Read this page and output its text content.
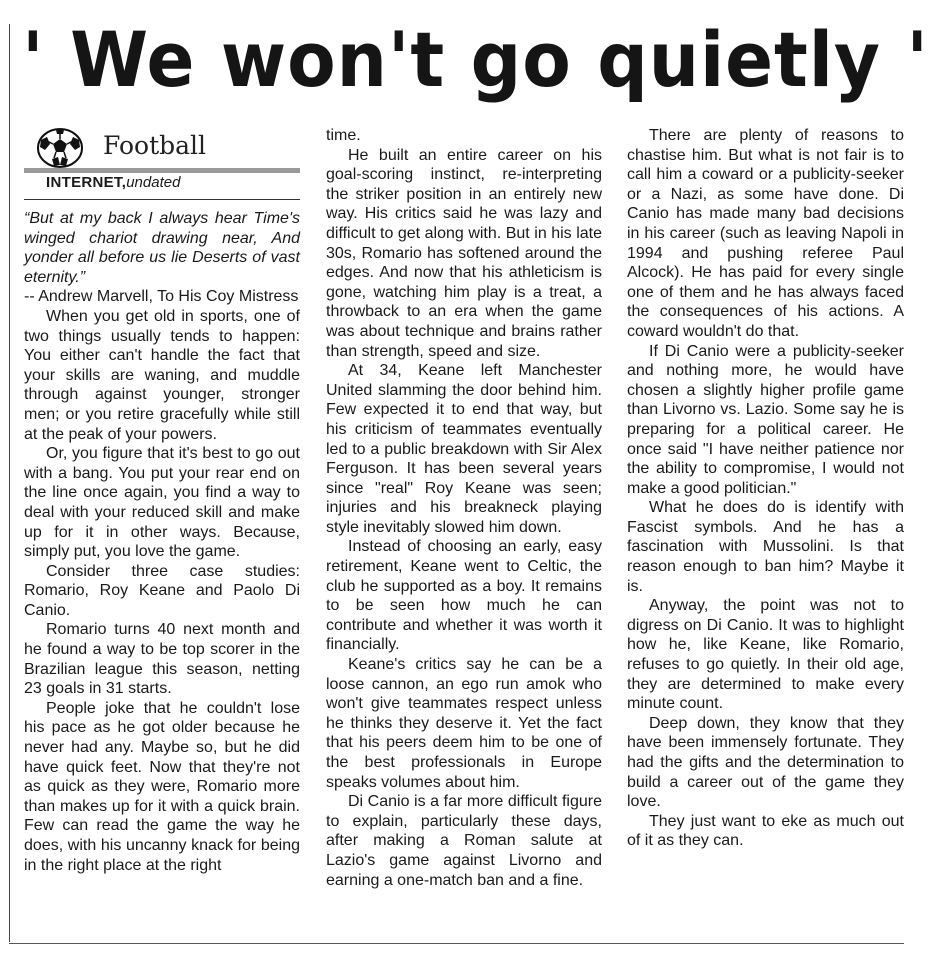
' We won't go quietly '
Football

INTERNET,undated

“But at my back I always hear Time's winged chariot drawing near, And yonder all before us lie Deserts of vast eternity.”

-- Andrew Marvell, To His Coy Mistress

When you get old in sports, one of two things usually tends to happen: You either can't handle the fact that your skills are waning, and muddle through against younger, stronger men; or you retire gracefully while still at the peak of your powers.

Or, you figure that it's best to go out with a bang. You put your rear end on the line once again, you find a way to deal with your reduced skill and make up for it in other ways. Because, simply put, you love the game.

Consider three case studies: Romario, Roy Keane and Paolo Di Canio.

Romario turns 40 next month and he found a way to be top scorer in the Brazilian league this season, netting 23 goals in 31 starts.

People joke that he couldn't lose his pace as he got older because he never had any. Maybe so, but he did have quick feet. Now that they're not as quick as they were, Romario more than makes up for it with a quick brain. Few can read the game the way he does, with his uncanny knack for being in the right place at the right

time.

He built an entire career on his goal-scoring instinct, re-interpreting the striker position in an entirely new way. His critics said he was lazy and difficult to get along with. But in his late 30s, Romario has softened around the edges. And now that his athleticism is gone, watching him play is a treat, a throwback to an era when the game was about technique and brains rather than strength, speed and size.

At 34, Keane left Manchester United slamming the door behind him. Few expected it to end that way, but his criticism of teammates eventually led to a public breakdown with Sir Alex Ferguson. It has been several years since "real" Roy Keane was seen; injuries and his breakneck playing style inevitably slowed him down.

Instead of choosing an early, easy retirement, Keane went to Celtic, the club he supported as a boy. It remains to be seen how much he can contribute and whether it was worth it financially.

Keane's critics say he can be a loose cannon, an ego run amok who won't give teammates respect unless he thinks they deserve it. Yet the fact that his peers deem him to be one of the best professionals in Europe speaks volumes about him.

Di Canio is a far more difficult figure to explain, particularly these days, after making a Roman salute at Lazio's game against Livorno and earning a one-match ban and a fine.

There are plenty of reasons to chastise him. But what is not fair is to call him a coward or a publicity-seeker or a Nazi, as some have done. Di Canio has made many bad decisions in his career (such as leaving Napoli in 1994 and pushing referee Paul Alcock). He has paid for every single one of them and he has always faced the consequences of his actions. A coward wouldn't do that.

If Di Canio were a publicity-seeker and nothing more, he would have chosen a slightly higher profile game than Livorno vs. Lazio. Some say he is preparing for a political career. He once said "I have neither patience nor the ability to compromise, I would not make a good politician."

What he does do is identify with Fascist symbols. And he has a fascination with Mussolini. Is that reason enough to ban him? Maybe it is.

Anyway, the point was not to digress on Di Canio. It was to highlight how he, like Keane, like Romario, refuses to go quietly. In their old age, they are determined to make every minute count.

Deep down, they know that they have been immensely fortunate. They had the gifts and the determination to build a career out of the game they love.

They just want to eke as much out of it as they can.
